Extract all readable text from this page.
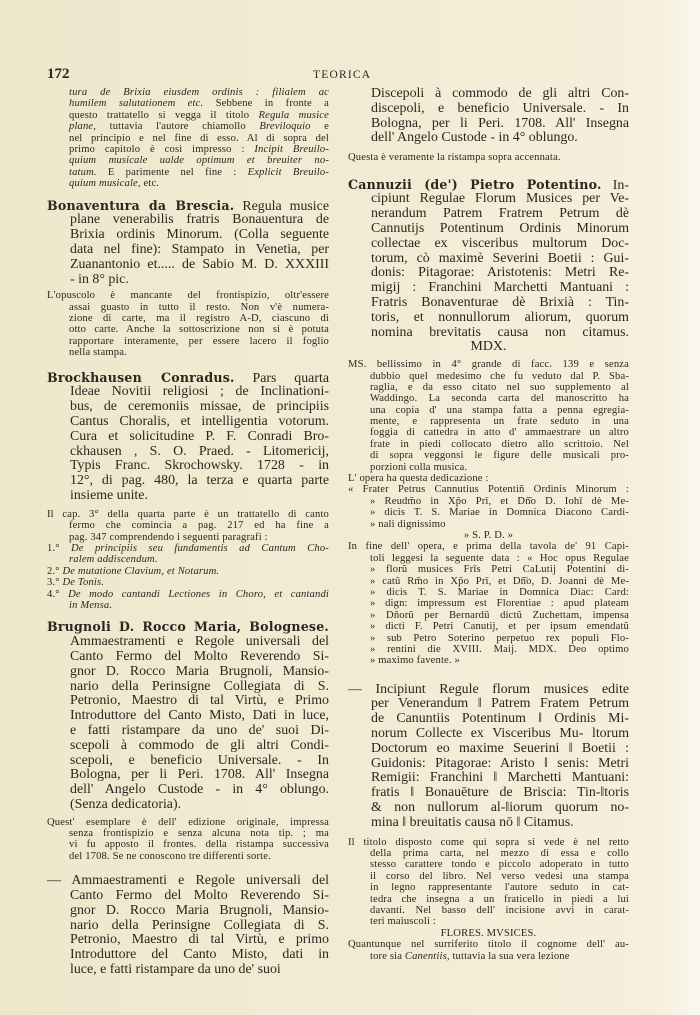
172	TEORICA
tura de Brixia eiusdem ordinis : filialem ac
humilem salutationem etc. Sebbene in fronte a
questo trattatello si vegga il titolo Regula musice
plane, tuttavia l'autore chiamollo Breviloquio e
nel principio e nel fine di esso. Al di sopra del
primo capitolo è così impresso : Incipit Breuilo-
quium musicale ualde optimum et breuiter no-
tatum. E parimente nel fine : Explicit Breuilo-
quium musicale, etc.
Bonaventura da Brescia. Regula musice
plane venerabilis fratris Bonauentura de
Brixia ordinis Minorum. (Colla seguente
data nel fine): Stampato in Venetia, per
Zuanantonio et..... de Sabio M. D. XXXIII
- in 8° pic.
L'opuscolo è mancante del frontispizio, oltr'essere
assai guasto in tutto il resto. Non v'è numera-
zione di carte, ma il registro A-D, ciascuno di
otto carte. Anche la sottoscrizione non si è potuta
rapportare interamente, per essere lacero il foglio
nella stampa.
Brockhausen Conradus. Pars quarta
Ideae Novitii religiosi ; de Inclinationi-
bus, de ceremoniis missae, de principiis
Cantus Choralis, et intelligentia votorum.
Cura et solicitudine P. F. Conradi Bro-
ckhausen , S. O. Praed. - Litomericij,
Typis Franc. Skrochowsky. 1728 - in
12°, di pag. 480, la terza e quarta parte
insieme unite.
Il cap. 3° della quarta parte è un trattatello di canto
fermo che comincia a pag. 217 ed ha fine a
pag. 347 comprendendo i seguenti paragrafi :
1.° De principiis seu fundamentis ad Cantum Cho-
ralem addiscendum.
2.° De mutatione Clavium, et Notarum.
3.° De Tonis.
4.° De modo cantandi Lectiones in Choro, et cantandi
in Mensa.
Brugnoli D. Rocco Maria, Bolognese.
Ammaestramenti e Regole universali del
Canto Fermo del Molto Reverendo Si-
gnor D. Rocco Maria Brugnoli, Mansio-
nario della Perinsigne Collegiata di S.
Petronio, Maestro di tal Virtù, e Primo
Introduttore del Canto Misto, Dati in luce,
e fatti ristampare da uno de' suoi Di-
scepoli à commodo de gli altri Condi-
scepoli, e beneficio Universale. - In
Bologna, per li Peri. 1708. All' Insegna
dell' Angelo Custode - in 4° oblungo.
(Senza dedicatoria).
Quest' esemplare è dell' edizione originale, impressa
senza frontispizio e senza alcuna nota tip. ; ma
vi fu apposto il frontes. della ristampa successiva
del 1708. Se ne conoscono tre differenti sorte.
— Ammaestramenti e Regole universali del
Canto Fermo del Molto Reverendo Si-
gnor D. Rocco Maria Brugnoli, Mansio-
nario della Perinsigne Collegiata di S.
Petronio, Maestro di tal Virtù, e primo
Introduttore del Canto Misto, dati in
luce, e fatti ristampare da uno de' suoi
Discepoli à commodo de gli altri Con-
discepoli, e beneficio Universale. - In
Bologna, per li Peri. 1708. All' Insegna
dell' Angelo Custode - in 4° oblungo.
Questa è veramente la ristampa sopra accennata.
Cannuzii (de') Pietro Potentino. In-
cipiunt Regulae Florum Musices per Ve-
nerandum Patrem Fratrem Petrum dè
Cannutijs Potentinum Ordinis Minorum
collectae ex visceribus multorum Doc-
torum, cò maximè Severini Boetii : Gui-
donis: Pitagorae: Aristotenis: Metri Re-
migij : Franchini Marchetti Mantuani :
Fratris Bonaventurae dè Brixià : Tin-
toris, et nonnullorum aliorum, quorum
nomina brevitatis causa non citamus.
MDX.
MS. bellissimo in 4° grande di facc. 139 e senza
dubbio quel medesimo che fu veduto dal P. Sba-
raglia, e da esso citato nel suo supplemento al
Waddingo. La seconda carta del manoscritto ha
una copia d' una stampa fatta a penna egregia-
mente, e rappresenta un frate seduto in una
foggia di cattedra in atto d' ammaestrare un altro
frate in piedi collocato dietro allo scrittoio. Nel
di sopra veggonsi le figure delle musicali pro-
porzioni colla musica.
L' opera ha questa dedicazione :
« Frater Petrus Cannutius Potentiñ Ordinis Minorum :
» Reudm̃o in Xp̃o Prī, et Dñ̄o D. Iohī dè Me-
» dicis T. S. Mariae in Domnica Diacono Cardi-
» nali dignissimo
» S. P. D. »
In fine dell' opera, e prima della tavola de' 91 Capi-
toli leggesi la seguente data : « Hoc opus Regulae
» florũ musices Frīs Petri CaLutij Potentini di-
» catũ Rm̃o in Xp̃o Prī, et Dñ̄o, D. Joanni dè Me-
» dicis T. S. Mariae in Domnica Diac: Card:
» dign: impressum est Florentiae : apud plateam
» Dñorũ per Bernardũ dictũ Zuchettam, impensa
» dicti F. Petri Canutij, et per ipsum emendatũ
» sub Petro Soterino perpetuo rex populi Flo-
» rentini die XVIII. Maij. MDX. Deo optimo
» maximo favente. »
— Incipiunt Regule florum musices edite
per Venerandum ‖ Patrem Fratem Petrum
de Canuntiis Potentinum ‖ Ordinis Mi-
norum Collecte ex Visceribus Mu- ltorum
Doctorum eo maxime Seuerini ‖ Boetii :
Guidonis: Pitagorae: Aristo ‖ senis: Metri
Remigii: Franchini ‖ Marchetti Mantuani:
fratis ‖ Bonauēture de Briscia: Tin-‖toris
& non nullorum al-‖iorum quorum no-
mina ‖ breuitatis causa nō ‖ Citamus.
Il titolo disposto come qui sopra si vede è nel retto
della prima carta, nel mezzo di essa e collo
stesso carattere tondo e piccolo adoperato in tutto
il corso del libro. Nel verso vedesi una stampa
in legno rappresentante l'autore seduto in cat-
tedra che insegna a un fraticello in piedi a lui
davanti. Nel basso dell' incisione avvi in carat-
teri maiuscoli :
FLORES. MVSICES.
Quantunque nel surriferito titolo il cognome dell' au-
tore sia Canentiis, tuttavia la sua vera lezione
